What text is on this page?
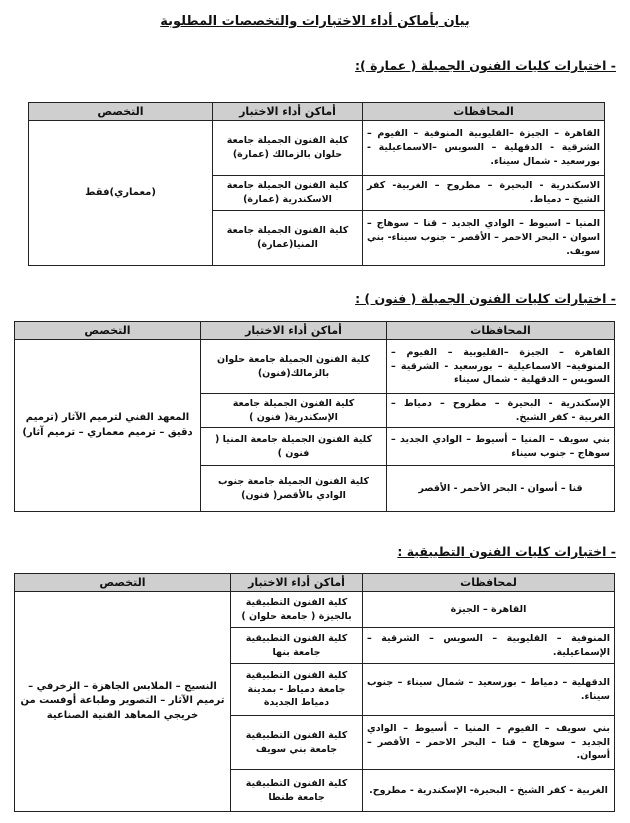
بيان بأماكن أداء الاختبارات والتخصصات المطلوبة
- اختبارات كليات الفنون الجميلة ( عمارة ):
المحافظات	أماكن أداء الاختبار	التخصص
القاهرة – الجيزة –القليوبية المنوفية – الفيوم – الشرقية - الدقهلية – السويس –الاسماعيلية - بورسعيد - شمال سيناء.	كلية الفنون الجميلة جامعة حلوان بالزمالك (عمارة)	(معماري)فقط
الاسكندرية - البحيرة – مطروح – الغربية- كفر الشيخ – دمياط.	كلية الفنون الجميلة جامعة الاسكندرية (عمارة)	
المنيا – اسيوط – الوادي الجديد – قنا – سوهاج – اسوان - البحر الاحمر – الأقصر – جنوب سيناء- بني سويف.	كلية الفنون الجميلة جامعة المنيا(عمارة)	
- اختبارات كليات الفنون الجميلة ( فنون ) :
المحافظات	أماكن أداء الاختبار	التخصص
القاهرة – الجيزة –القليوبية – الفيوم – المنوفية– الاسماعيلية – بورسعيد - الشرقية – السويس – الدقهلية - شمال سيناء	كلية الفنون الجميلة جامعة حلوان بالزمالك(فنون)	المعهد الفني لترميم الآثار (ترميم دقيق – ترميم معماري – ترميم آثار)
الإسكندرية - البحيرة – مطروح – دمياط – الغربية - كفر الشيخ.	كلية الفنون الجميلة جامعة الإسكندرية( فنون )	
بني سويف – المنيا – أسيوط – الوادي الجديد – سوهاج – جنوب سيناء	كلية الفنون الجميلة جامعة المنيا ( فنون )	
قنا – أسوان - البحر الأحمر - الأقصر	كلية الفنون الجميلة جامعة جنوب الوادي بالأقصر( فنون)	
- اختبارات كليات الفنون التطبيقية :
لمحافظات	أماكن أداء الاختبار	التخصص
القاهرة – الجيزة	كلية الفنون التطبيقية بالجيزة ( جامعة حلوان )	النسيج – الملابس الجاهزة – الزخرفي – ترميم الآثار – التصوير وطباعة أوفست من خريجي المعاهد الفنية الصناعية
المنوفية – القليوبية – السويس – الشرقية – الإسماعيلية.	كلية الفنون التطبيقية جامعة بنها	
الدقهلية – دمياط – بورسعيد – شمال سيناء – جنوب سيناء.	كلية الفنون التطبيقية جامعة دمياط - بمدينة دمياط الجديدة	
بني سويف – الفيوم – المنيا – أسيوط – الوادي الجديد – سوهاج – قنا – البحر الاحمر – الأقصر – أسوان.	كلية الفنون التطبيقية جامعة بني سويف	
الغربية - كفر الشيخ - البحيرة- الإسكندرية - مطروح.	كلية الفنون التطبيقية جامعة طنطا	
